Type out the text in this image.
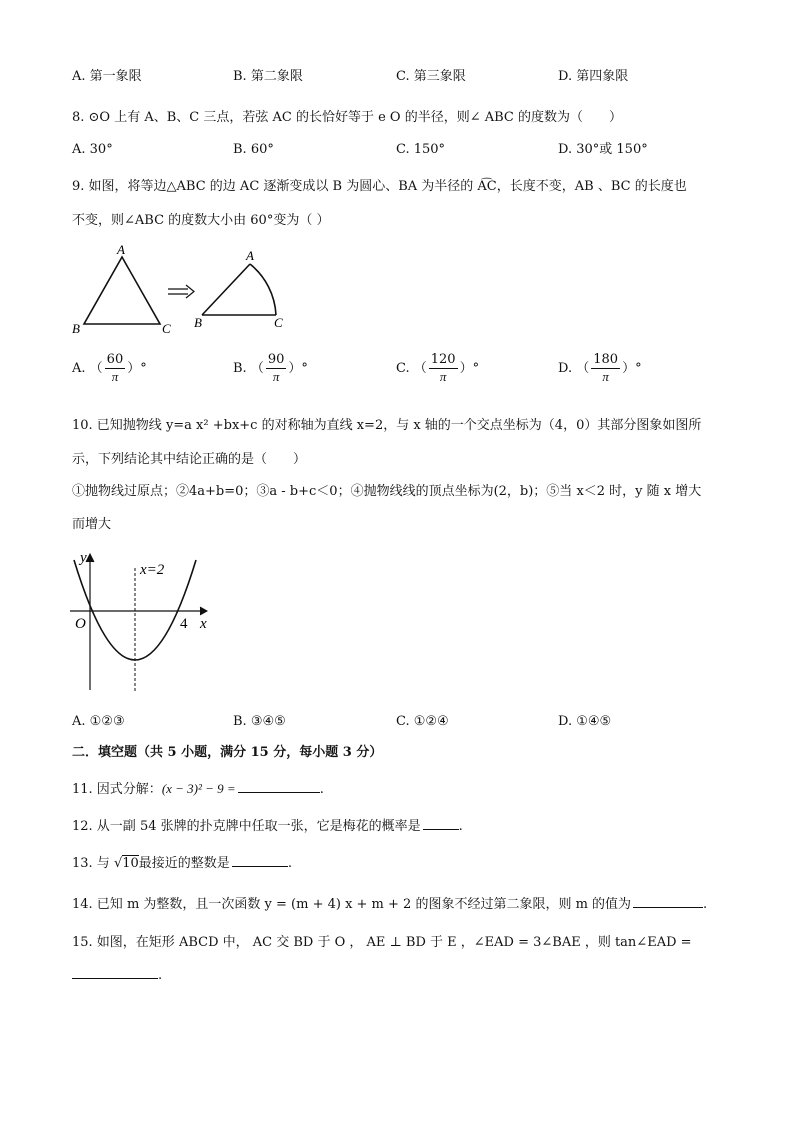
A. 第一象限	B. 第二象限	C. 第三象限	D. 第四象限
8. ⊙O 上有 A、B、C 三点，若弦 AC 的长恰好等于 e O 的半径，则∠ ABC 的度数为（　　）
A. 30°	B. 60°	C. 150°	D. 30°或 150°
9. 如图，将等边△ABC 的边 AC 逐渐变成以 B 为圆心、BA 为半径的 A͡C，长度不变，AB 、BC 的长度也
不变，则∠ABC 的度数大小由 60°变为（ ）
A
B	C
A
B	C
A. （ $\frac{60}{\pi}$ ）°	B. （ $\frac{90}{\pi}$ ）°	C. （ $\frac{120}{\pi}$ ）°	D. （ $\frac{180}{\pi}$ ）°
10. 已知抛物线 y=a x² +bx+c 的对称轴为直线 x=2，与 x 轴的一个交点坐标为（4，0）其部分图象如图所
示，下列结论其中结论正确的是（　　）
①抛物线过原点；②4a+b=0；③a - b+c＜0；④抛物线线的顶点坐标为(2，b)；⑤当 x＜2 时，y 随 x 增大
而增大
y
x
x=2
O	4
A. ①②③	B. ③④⑤	C. ①②④	D. ①④⑤
二．填空题（共 5 小题，满分 15 分，每小题 3 分）
11. 因式分解：(x − 3)² − 9 =	.
12. 从一副 54 张牌的扑克牌中任取一张，它是梅花的概率是	.
13. 与 √10最接近的整数是	.
14. 已知 m 为整数，且一次函数 y = (m + 4) x + m + 2 的图象不经过第二象限，则 m 的值为	.
15. 如图，在矩形 ABCD 中， AC 交 BD 于 O ， AE ⊥ BD 于 E ，∠EAD = 3∠BAE ，则 tan∠EAD =
.
